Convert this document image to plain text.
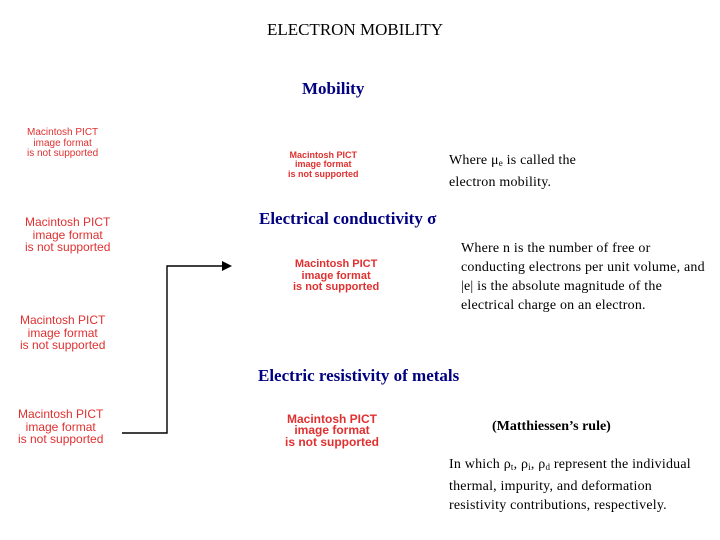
ELECTRON MOBILITY
Mobility
Macintosh PICT
image format
is not supported	Macintosh PICT
image format
is not supported
Where $\mu_e$ is called the electron mobility.
Electrical conductivity σ
Macintosh PICT
image format
is not supported
Macintosh PICT
image format
is not supported
Where n is the number of free or conducting electrons per unit volume, and |e| is the absolute magnitude of the electrical charge on an electron.
Macintosh PICT
image format
is not supported
Electric resistivity of metals
Macintosh PICT
image format
is not supported
Macintosh PICT
image format
is not supported
(Matthiessen’s rule)
In which $\rho_t$, $\rho_i$, $\rho_d$ represent the individual thermal, impurity, and deformation resistivity contributions, respectively.
